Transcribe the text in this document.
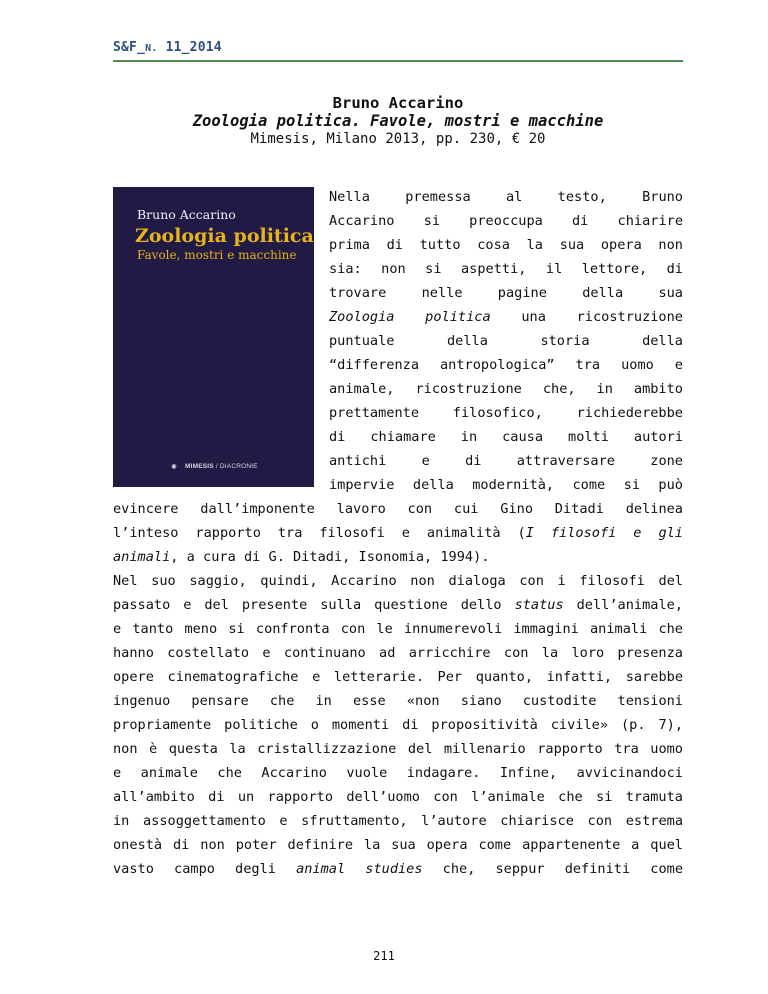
S&F_N. 11_2014
Bruno Accarino
Zoologia politica. Favole, mostri e macchine
Mimesis, Milano 2013, pp. 230, € 20
Bruno Accarino
Zoologia politica
Favole, mostri e macchine
✺ MIMESIS / DIACRONIE
Nella premessa al testo, Bruno
Accarino si preoccupa di chiarire
prima di tutto cosa la sua opera non
sia: non si aspetti, il lettore, di
trovare nelle pagine della sua
Zoologia politica una ricostruzione
puntuale della storia della
“differenza antropologica” tra uomo e
animale, ricostruzione che, in ambito
prettamente filosofico, richiederebbe
di chiamare in causa molti autori
antichi e di attraversare zone
impervie della modernità, come si può
evincere dall’imponente lavoro con cui Gino Ditadi delinea
l’inteso rapporto tra filosofi e animalità (I filosofi e gli
animali, a cura di G. Ditadi, Isonomia, 1994).
Nel suo saggio, quindi, Accarino non dialoga con i filosofi del
passato e del presente sulla questione dello status dell’animale,
e tanto meno si confronta con le innumerevoli immagini animali che
hanno costellato e continuano ad arricchire con la loro presenza
opere cinematografiche e letterarie. Per quanto, infatti, sarebbe
ingenuo pensare che in esse «non siano custodite tensioni
propriamente politiche o momenti di propositività civile» (p. 7),
non è questa la cristallizzazione del millenario rapporto tra uomo
e animale che Accarino vuole indagare. Infine, avvicinandoci
all’ambito di un rapporto dell’uomo con l’animale che si tramuta
in assoggettamento e sfruttamento, l’autore chiarisce con estrema
onestà di non poter definire la sua opera come appartenente a quel
vasto campo degli animal studies che, seppur definiti come
211
